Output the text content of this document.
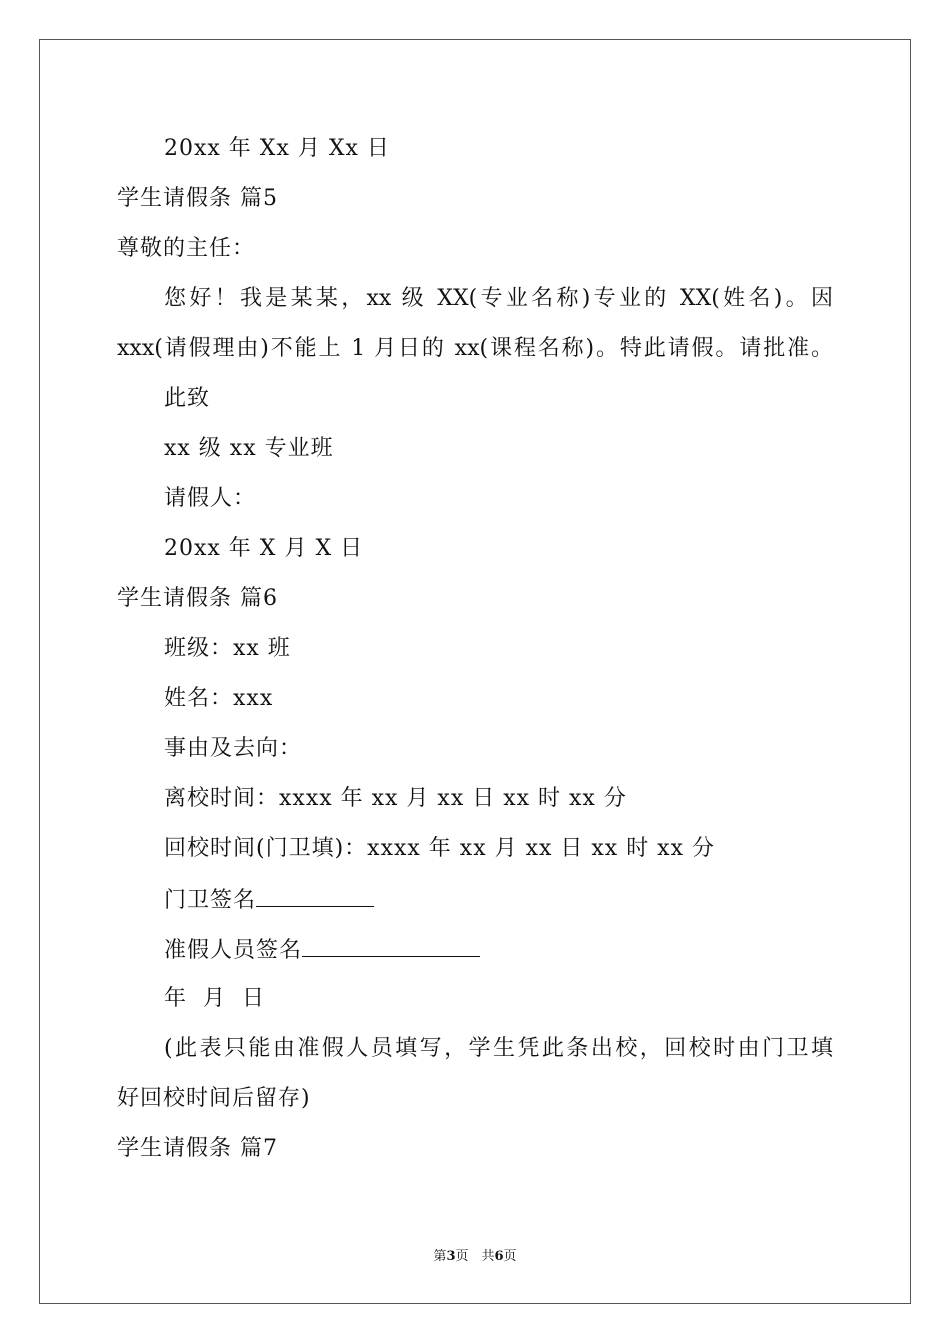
20xx 年 Xx 月 Xx 日
学生请假条 篇5
尊敬的主任：
您好！我是某某，xx 级 XX(专业名称)专业的 XX(姓名)。因
xxx(请假理由)不能上 1 月日的 xx(课程名称)。特此请假。请批准。
此致
xx 级 xx 专业班
请假人：
20xx 年 X 月 X 日
学生请假条 篇6
班级：xx 班
姓名：xxx
事由及去向：
离校时间：xxxx 年 xx 月 xx 日 xx 时 xx 分
回校时间(门卫填)：xxxx 年 xx 月 xx 日 xx 时 xx 分
门卫签名
准假人员签名
年  月  日
(此表只能由准假人员填写，学生凭此条出校，回校时由门卫填
好回校时间后留存)
学生请假条 篇7
第3页　共6页
